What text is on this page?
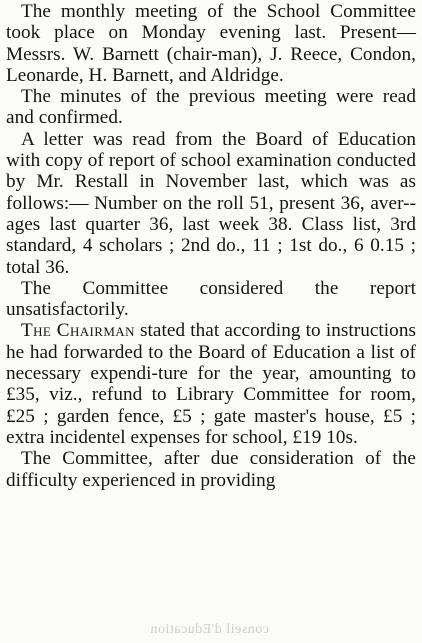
The monthly meeting of the School Committee took place on Monday evening last. Present—Messrs. W. Barnett (chair-man), J. Reece, Condon, Leonarde, H. Barnett, and Aldridge.

The minutes of the previous meeting were read and confirmed.

A letter was read from the Board of Education with copy of report of school examination conducted by Mr. Restall in November last, which was as follows:— Number on the roll 51, present 36, aver-ages last quarter 36, last week 38. Class list, 3rd standard, 4 scholars ; 2nd do., 11 ; 1st do., 6 0.15 ; total 36.

The Committee considered the report unsatisfactorily.

The Chairman stated that according to instructions he had forwarded to the Board of Education a list of necessary expendi-ture for the year, amounting to £35, viz., refund to Library Committee for room, £25 ; garden fence, £5 ; gate master's house, £5 ; extra incidentel expenses for school, £19 10s.

The Committee, after due consideration of the difficulty experienced in providing

conseil d'Education
